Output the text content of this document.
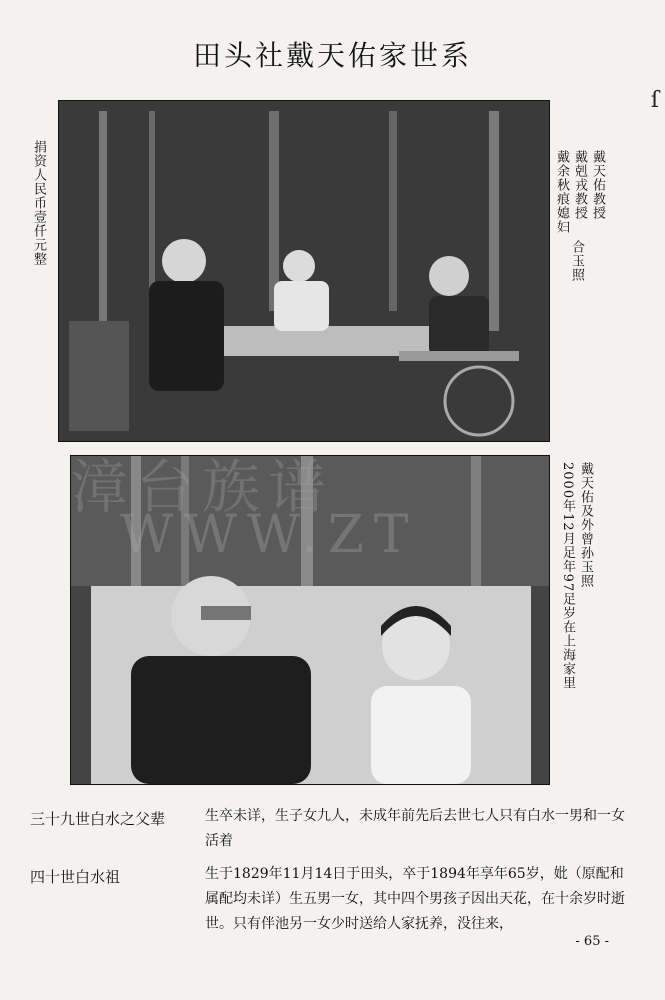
ſ
田头社戴天佑家世系
捐资人民币壹仟元整	戴天佑教授
戴剋戎教授
戴余秋痕媳妇
合玉照
戴天佑及外曾孙玉照
2000年12月足年97足岁在上海家里
漳台族谱
WWW.ZT
三十九世白水之父辈	生卒未详，生子女九人，未成年前先后去世七人只有白水一男和一女活着
四十世白水祖	生于1829年11月14日于田头，卒于1894年享年65岁，妣（原配和属配均未详）生五男一女，其中四个男孩子因出天花，在十余岁时逝世。只有伴池另一女少时送给人家抚养，没往来，
- 65 -
